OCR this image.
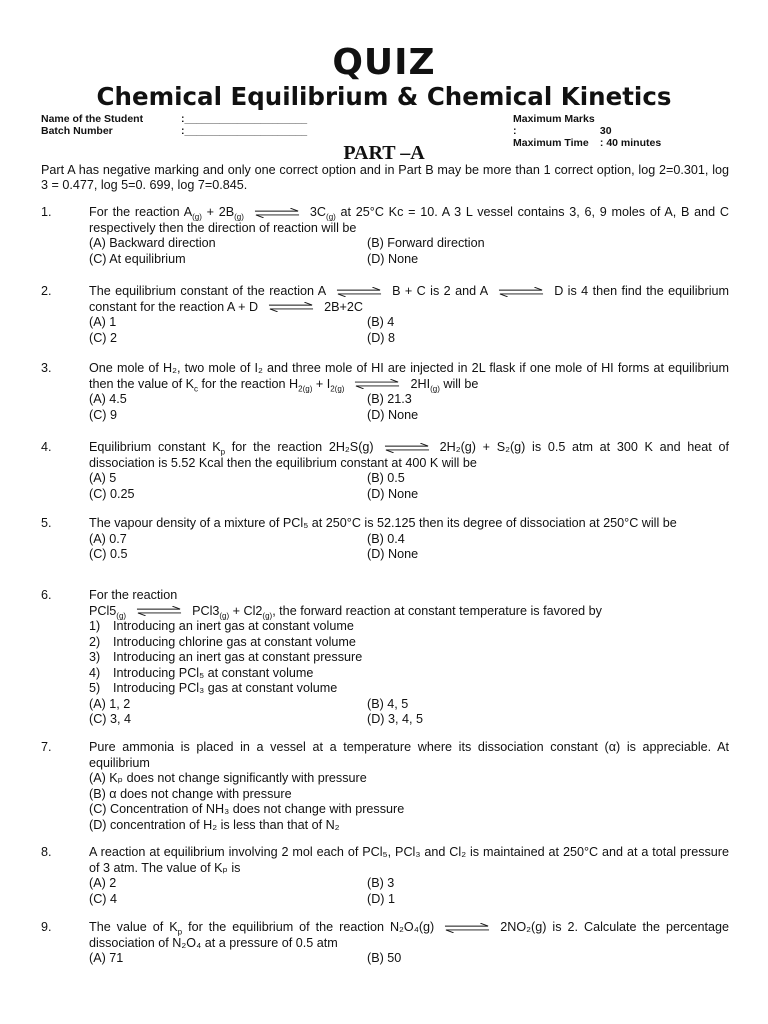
QUIZ
Chemical Equilibrium & Chemical Kinetics
Name of the Student	:_____________________
Batch Number	:_____________________
Maximum Marks :	30
Maximum Time : 40 minutes
PART –A
Part A has negative marking and only one correct option and in Part B may be more than 1 correct option, log 2=0.301, log 3 = 0.477, log 5=0. 699, log 7=0.845.
1.	For the reaction $A_{(g)} + 2B_{(g)}$	$3C_{(g)}$ at 25°C Kc = 10. A 3 L vessel contains 3, 6, 9 moles of A, B and C respectively then the direction of reaction will be

(A) Backward direction	(B) Forward direction
(C) At equilibrium	(D) None
2.	The equilibrium constant of the reaction A	B + C is 2 and A	D is 4 then find the equilibrium constant for the reaction A + D	2B+2C

(A) 1	(B) 4
(C) 2	(D) 8
3.	One mole of H₂, two mole of I₂ and three mole of HI are injected in 2L flask if one mole of HI forms at equilibrium then the value of $K_c$ for the reaction $H_{2(g)} + I_{2(g)}$	$2HI_{(g)}$ will be

(A) 4.5	(B) 21.3
(C) 9	(D) None
4.	Equilibrium constant $K_p$ for the reaction 2H₂S(g)	2H₂(g) + S₂(g) is 0.5 atm at 300 K and heat of dissociation is 5.52 Kcal then the equilibrium constant at 400 K will be

(A) 5	(B) 0.5
(C) 0.25	(D) None
5.	The vapour density of a mixture of PCl₅ at 250°C is 52.125 then its degree of dissociation at 250°C will be

(A) 0.7	(B) 0.4
(C) 0.5	(D) None
6.	For the reaction

$PCl5_{(g)}$	$PCl3_{(g)} + Cl2_{(g)}$, the forward reaction at constant temperature is favored by

1) Introducing an inert gas at constant volume
2) Introducing chlorine gas at constant volume
3) Introducing an inert gas at constant pressure
4) Introducing PCl₅ at constant volume
5) Introducing PCl₃ gas at constant volume
(A) 1, 2	(B) 4, 5
(C) 3, 4	(D) 3, 4, 5
7.	Pure ammonia is placed in a vessel at a temperature where its dissociation constant (α) is appreciable. At equilibrium

(A) Kₚ does not change significantly with pressure
(B) α does not change with pressure
(C) Concentration of NH₃ does not change with pressure
(D) concentration of H₂ is less than that of N₂
8.	A reaction at equilibrium involving 2 mol each of PCl₅, PCl₃ and Cl₂ is maintained at 250°C and at a total pressure of 3 atm. The value of Kₚ is

(A) 2	(B) 3
(C) 4	(D) 1
9.	The value of $K_p$ for the equilibrium of the reaction N₂O₄(g)	2NO₂(g) is 2. Calculate the percentage dissociation of N₂O₄ at a pressure of 0.5 atm

(A) 71	(B) 50
